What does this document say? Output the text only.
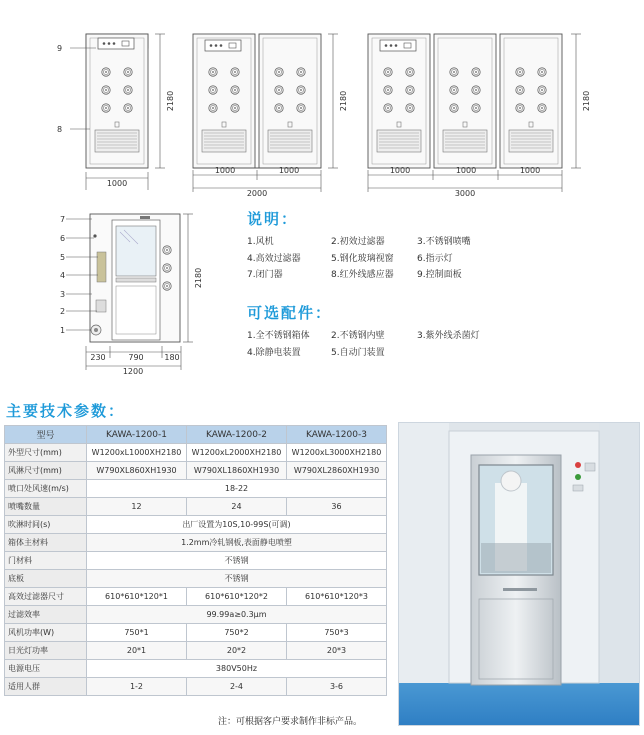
9
8
2180	2180	2180
1000
1000	1000
2000
1000	1000	1000
3000
7
6
5
4
3
2
1
2180
230	790	180
1200
说明：
1.风机	2.初效过滤器	3.不锈钢喷嘴
4.高效过滤器	5.钢化玻璃视窗	6.指示灯
7.闭门器	8.红外线感应器	9.控制面板
可选配件：
1.全不锈钢箱体 2.不锈钢内壁	3.紫外线杀菌灯
4.除静电装置	5.自动门装置
主要技术参数：
型号	KAWA-1200-1	KAWA-1200-2	KAWA-1200-3
外型尺寸(mm)	W1200xL1000XH2180	W1200xL2000XH2180	W1200xL3000XH2180
风淋尺寸(mm)	W790XL860XH1930	W790XL1860XH1930	W790XL2860XH1930
喷口处风速(m/s)	18-22		
喷嘴数量	12	24	36
吹淋时间(s)	出厂设置为10S,10-99S(可调)		
箱体主材料	1.2mm冷轧钢板,表面静电喷塑		
门材料	不锈钢		
底板	不锈钢		
高效过滤器尺寸	610*610*120*1	610*610*120*2	610*610*120*3
过滤效率	99.99a≥0.3μm		
风机功率(W)	750*1	750*2	750*3
日光灯功率	20*1	20*2	20*3
电源电压	380V50Hz		
适用人群	1-2	2-4	3-6
注：可根据客户要求制作非标产品。
